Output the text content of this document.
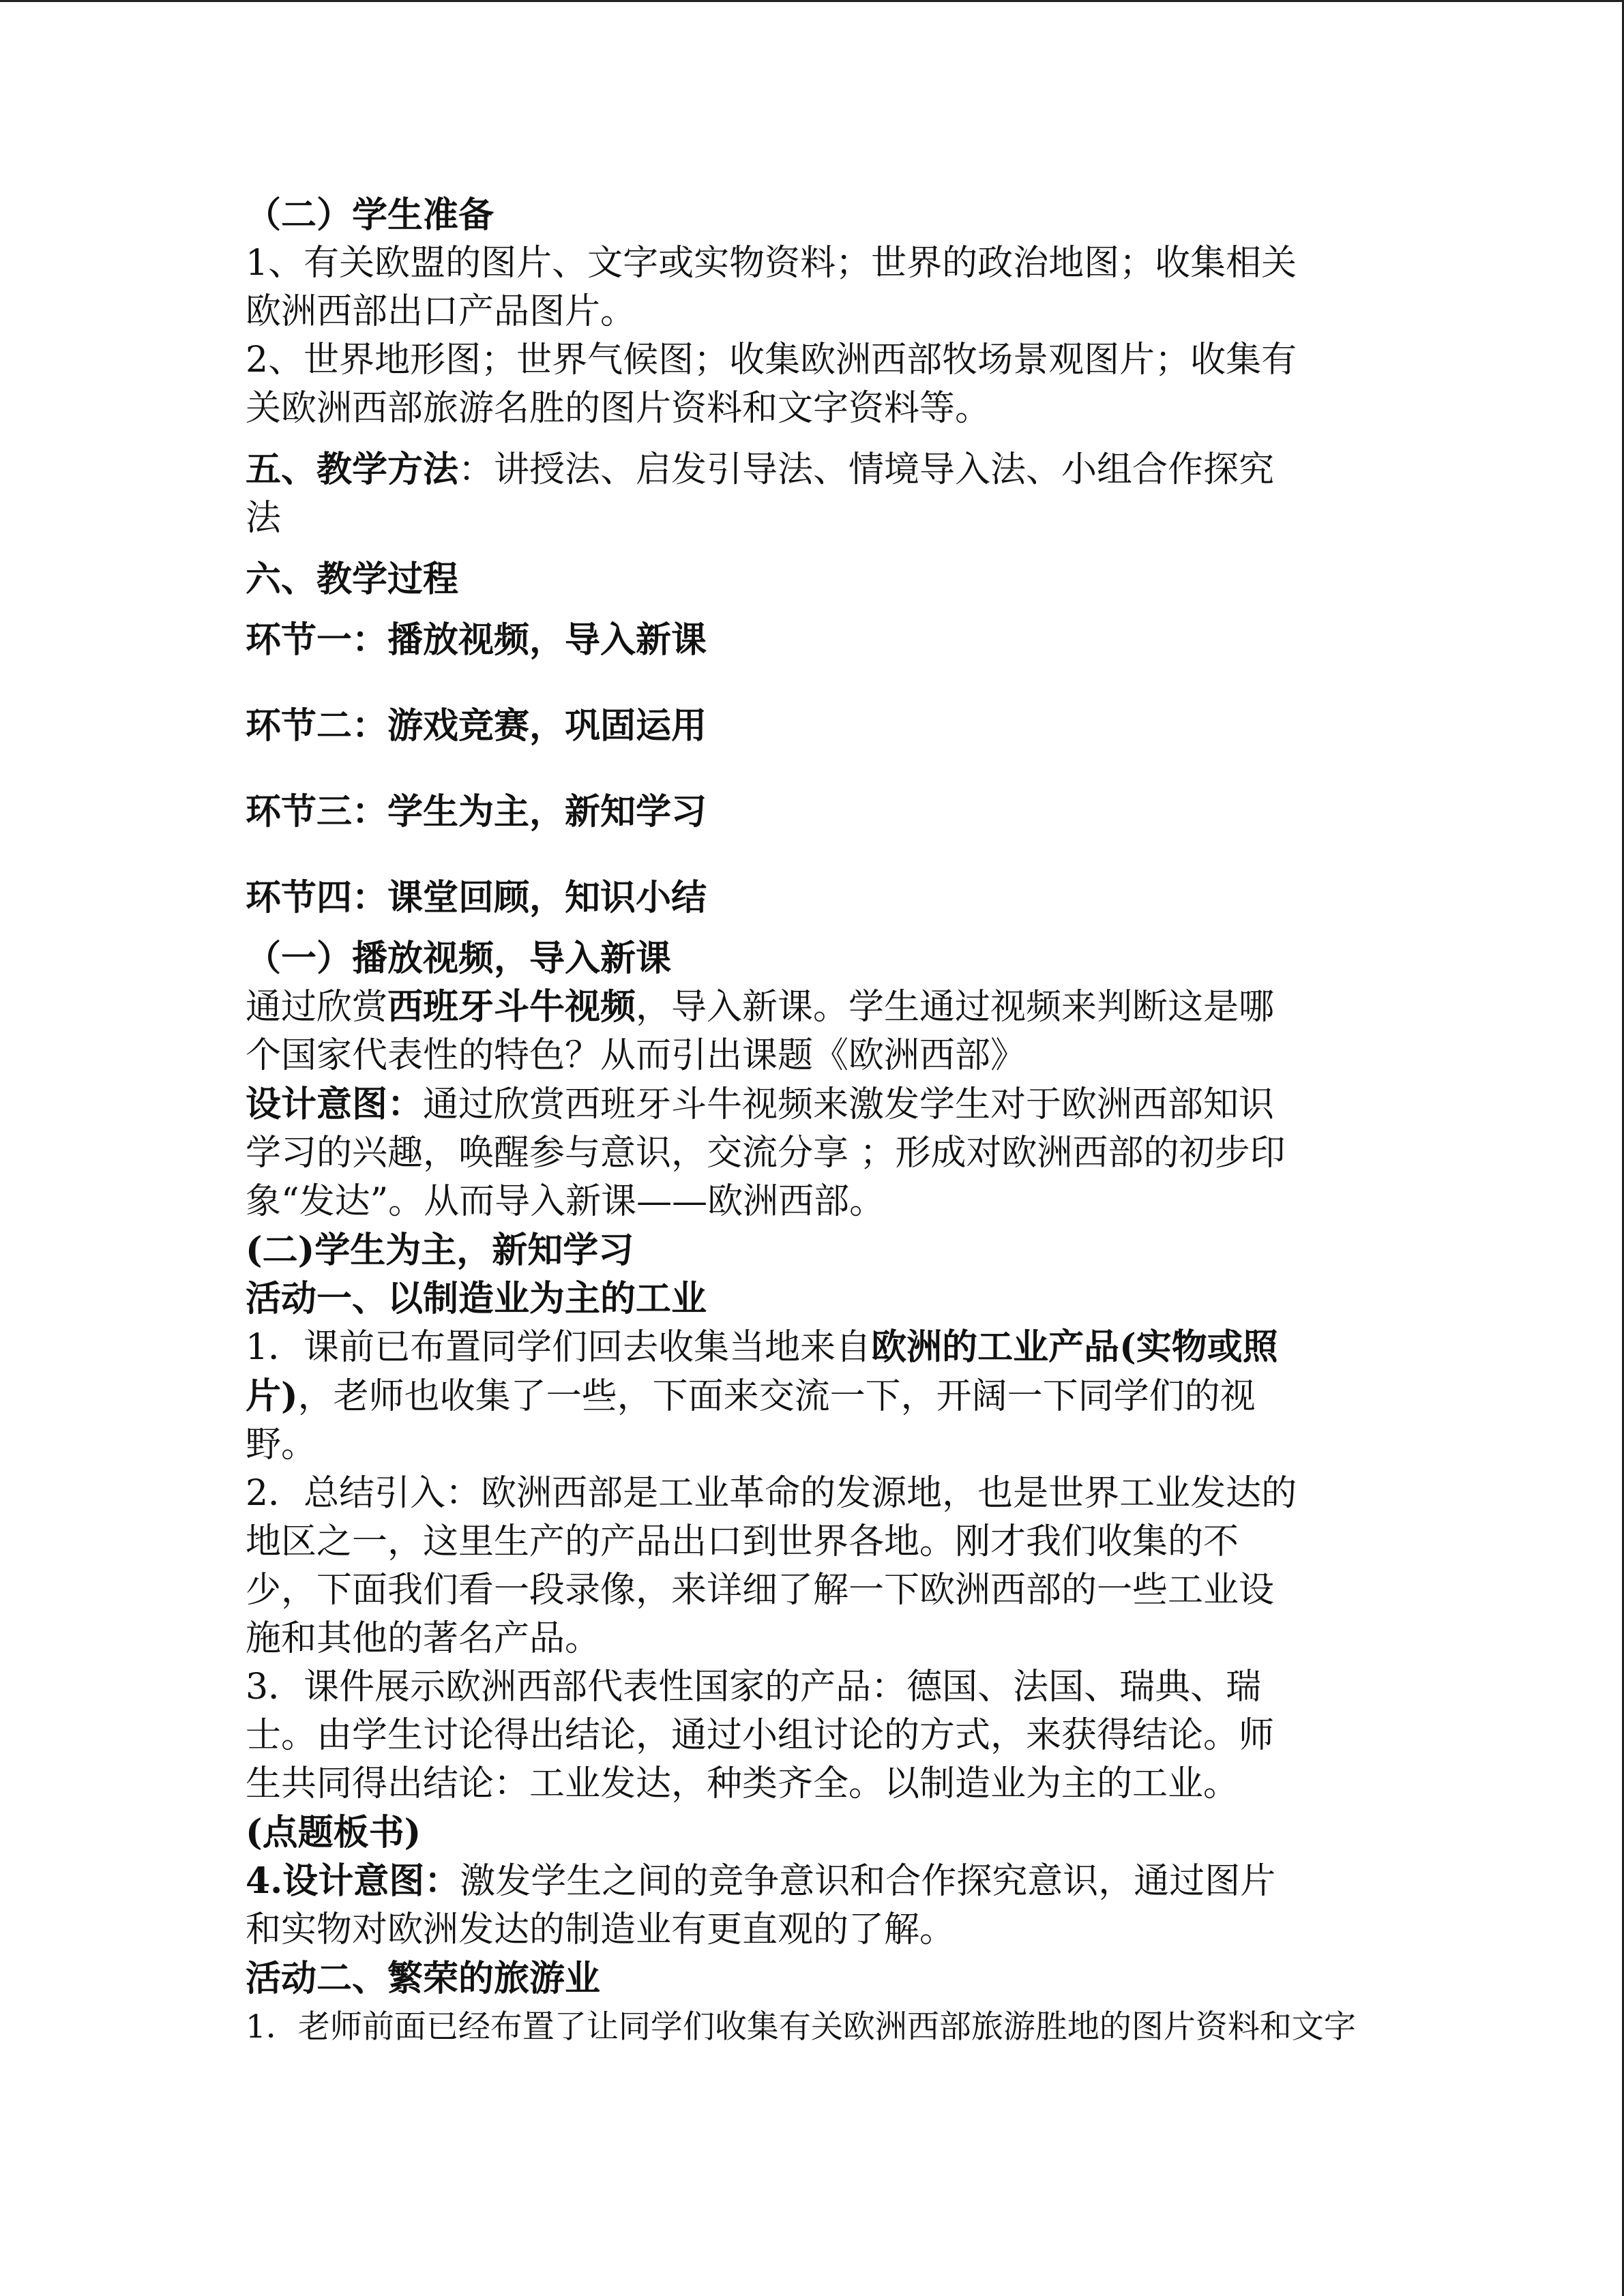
（二）学生准备

1、有关欧盟的图片、文字或实物资料；世界的政治地图；收集相关

欧洲西部出口产品图片。

2、世界地形图；世界气候图；收集欧洲西部牧场景观图片；收集有

关欧洲西部旅游名胜的图片资料和文字资料等。

五、教学方法：讲授法、启发引导法、情境导入法、小组合作探究

法

六、教学过程

环节一：播放视频，导入新课

环节二：游戏竞赛，巩固运用

环节三：学生为主，新知学习

环节四：课堂回顾，知识小结

（一）播放视频，导入新课

通过欣赏西班牙斗牛视频，导入新课。学生通过视频来判断这是哪

个国家代表性的特色？从而引出课题《欧洲西部》

设计意图：通过欣赏西班牙斗牛视频来激发学生对于欧洲西部知识

学习的兴趣，唤醒参与意识，交流分享 ；形成对欧洲西部的初步印

象“发达”。从而导入新课——欧洲西部。

(二)学生为主，新知学习

活动一、以制造业为主的工业

1．课前已布置同学们回去收集当地来自欧洲的工业产品(实物或照

片)，老师也收集了一些，下面来交流一下，开阔一下同学们的视

野。

2．总结引入：欧洲西部是工业革命的发源地，也是世界工业发达的

地区之一，这里生产的产品出口到世界各地。刚才我们收集的不

少，下面我们看一段录像，来详细了解一下欧洲西部的一些工业设

施和其他的著名产品。

3．课件展示欧洲西部代表性国家的产品：德国、法国、瑞典、瑞

士。由学生讨论得出结论，通过小组讨论的方式，来获得结论。师

生共同得出结论：工业发达，种类齐全。以制造业为主的工业。

(点题板书)

4.设计意图：激发学生之间的竞争意识和合作探究意识，通过图片

和实物对欧洲发达的制造业有更直观的了解。

活动二、繁荣的旅游业

1．老师前面已经布置了让同学们收集有关欧洲西部旅游胜地的图片资料和文字
